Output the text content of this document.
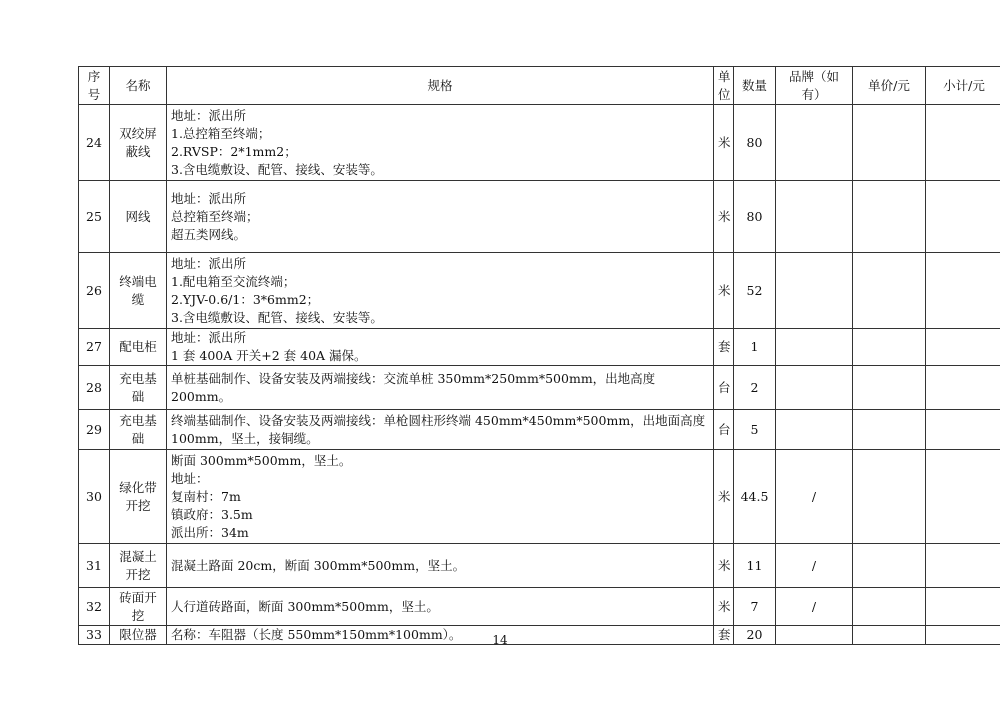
序号	名称	规格	单位	数量	品牌（如有）	单价/元	小计/元
24	双绞屏蔽线	地址：派出所
1.总控箱至终端；
2.RVSP：2*1mm2；
3.含电缆敷设、配管、接线、安装等。	米	80			
25	网线	地址：派出所
总控箱至终端；
超五类网线。	米	80			
26	终端电缆	地址：派出所
1.配电箱至交流终端；
2.YJV-0.6/1：3*6mm2；
3.含电缆敷设、配管、接线、安装等。	米	52			
27	配电柜	地址：派出所
1 套 400A 开关+2 套 40A 漏保。	套	1			
28	充电基础	单桩基础制作、设备安装及两端接线：交流单桩 350mm*250mm*500mm，出地高度 200mm。	台	2			
29	充电基础	终端基础制作、设备安装及两端接线：单枪圆柱形终端 450mm*450mm*500mm，出地面高度 100mm，坚土，接铜缆。	台	5			
30	绿化带开挖	断面 300mm*500mm，坚土。
地址：
复南村：7m
镇政府：3.5m
派出所：34m	米	44.5	/		
31	混凝土开挖	混凝土路面 20cm，断面 300mm*500mm，坚土。	米	11	/		
32	砖面开挖	人行道砖路面，断面 300mm*500mm，坚土。	米	7	/		
33	限位器	名称：车阻器（长度 550mm*150mm*100mm）。	套	20			
14
